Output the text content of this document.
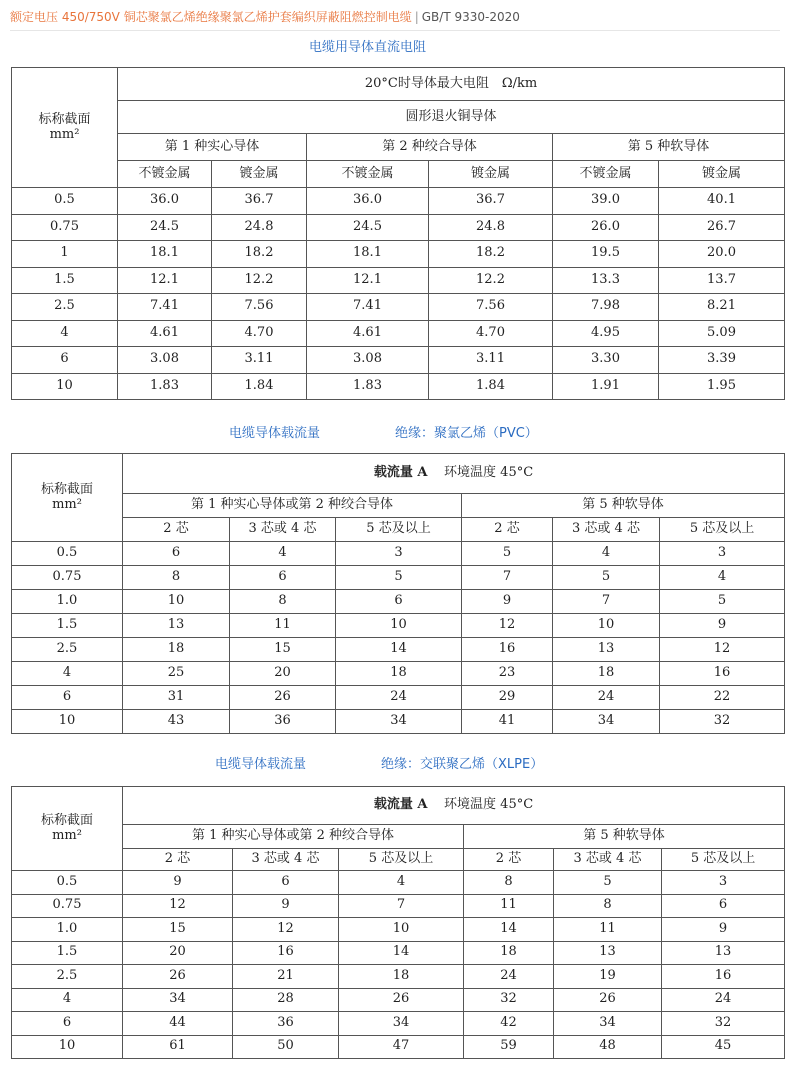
额定电压 450/750V 铜芯聚氯乙烯绝缘聚氯乙烯护套编织屏蔽阻燃控制电缆 | GB/T 9330-2020
电缆用导体直流电阻
标称截面
mm²	20°C时导体最大电阻　Ω/km					
	圆形退火铜导体					
	第 1 种实心导体		第 2 种绞合导体		第 5 种软导体	
	不镀金属	镀金属	不镀金属	镀金属	不镀金属	镀金属
0.5	36.0	36.7	36.0	36.7	39.0	40.1
0.75	24.5	24.8	24.5	24.8	26.0	26.7
1	18.1	18.2	18.1	18.2	19.5	20.0
1.5	12.1	12.2	12.1	12.2	13.3	13.7
2.5	7.41	7.56	7.41	7.56	7.98	8.21
4	4.61	4.70	4.61	4.70	4.95	5.09
6	3.08	3.11	3.08	3.11	3.30	3.39
10	1.83	1.84	1.83	1.84	1.91	1.95
电缆导体载流量	绝缘：聚氯乙烯（PVC）
标称截面
mm²	载流量 A 环境温度 45°C					
	第 1 种实心导体或第 2 种绞合导体			第 5 种软导体		
	2 芯	3 芯或 4 芯	5 芯及以上	2 芯	3 芯或 4 芯	5 芯及以上
0.5	6	4	3	5	4	3
0.75	8	6	5	7	5	4
1.0	10	8	6	9	7	5
1.5	13	11	10	12	10	9
2.5	18	15	14	16	13	12
4	25	20	18	23	18	16
6	31	26	24	29	24	22
10	43	36	34	41	34	32
电缆导体载流量	绝缘：交联聚乙烯（XLPE）
标称截面
mm²	载流量 A 环境温度 45°C					
	第 1 种实心导体或第 2 种绞合导体			第 5 种软导体		
	2 芯	3 芯或 4 芯	5 芯及以上	2 芯	3 芯或 4 芯	5 芯及以上
0.5	9	6	4	8	5	3
0.75	12	9	7	11	8	6
1.0	15	12	10	14	11	9
1.5	20	16	14	18	13	13
2.5	26	21	18	24	19	16
4	34	28	26	32	26	24
6	44	36	34	42	34	32
10	61	50	47	59	48	45
